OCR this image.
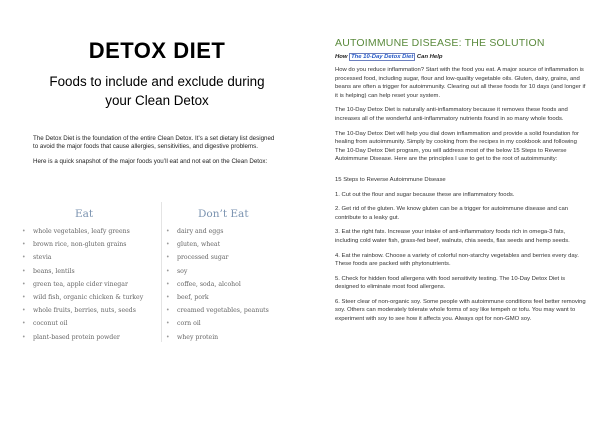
DETOX DIET
Foods to include and exclude during
your Clean Detox

The Detox Diet is the foundation of the entire Clean Detox. It’s a set dietary list designed to avoid the major foods that cause allergies, sensitivities, and digestive problems.

Here is a quick snapshot of the major foods you’ll eat and not eat on the Clean Detox:

Eat	Don’t Eat
• whole vegetables, leafy greens
• brown rice, non-gluten grains
• stevia
• beans, lentils
• green tea, apple cider vinegar
• wild fish, organic chicken & turkey
• whole fruits, berries, nuts, seeds
• coconut oil
• plant-based protein powder
• dairy and eggs
• gluten, wheat
• processed sugar
• soy
• coffee, soda, alcohol
• beef, pork
• creamed vegetables, peanuts
• corn oil
• whey protein
AUTOIMMUNE DISEASE: THE SOLUTION
How The 10-Day Detox Diet Can Help

How do you reduce inflammation? Start with the food you eat. A major source of inflammation is processed food, including sugar, flour and low-quality vegetable oils. Gluten, dairy, grains, and beans are often a trigger for autoimmunity. Clearing out all these foods for 10 days (and longer if it is helping) can help reset your system.

The 10-Day Detox Diet is naturally anti-inflammatory because it removes these foods and increases all of the wonderful anti-inflammatory nutrients found in so many whole foods.

The 10-Day Detox Diet will help you dial down inflammation and provide a solid foundation for healing from autoimmunity. Simply by cooking from the recipes in my cookbook and following The 10-Day Detox Diet program, you will address most of the below 15 Steps to Reverse Autoimmune Disease. Here are the principles I use to get to the root of autoimmunity:

15 Steps to Reverse Autoimmune Disease

1. Cut out the flour and sugar because these are inflammatory foods.

2. Get rid of the gluten. We know gluten can be a trigger for autoimmune disease and can contribute to a leaky gut.

3. Eat the right fats. Increase your intake of anti-inflammatory foods rich in omega-3 fats, including cold water fish, grass-fed beef, walnuts, chia seeds, flax seeds and hemp seeds.

4. Eat the rainbow. Choose a variety of colorful non-starchy vegetables and berries every day. These foods are packed with phytonutrients.

5. Check for hidden food allergens with food sensitivity testing. The 10-Day Detox Diet is designed to eliminate most food allergens.

6. Steer clear of non-organic soy. Some people with autoimmune conditions feel better removing soy. Others can moderately tolerate whole forms of soy like tempeh or tofu. You may want to experiment with soy to see how it affects you. Always opt for non-GMO soy.
